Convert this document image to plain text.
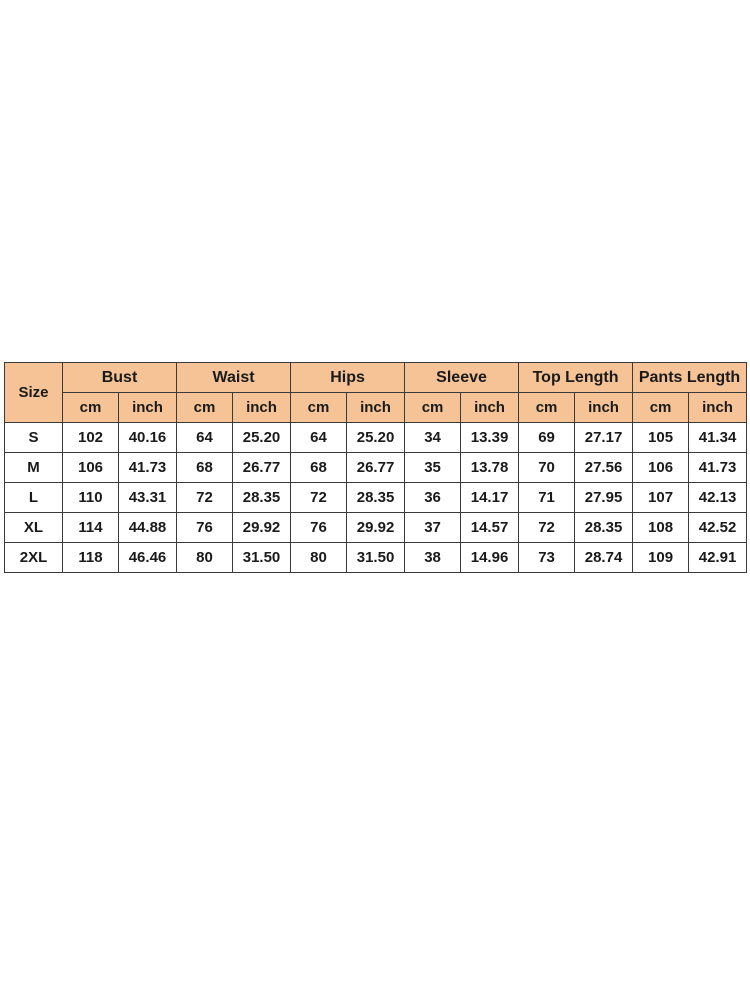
Size	Bust		Waist		Hips		Sleeve		Top Length		Pants Length	
	cm	inch	cm	inch	cm	inch	cm	inch	cm	inch	cm	inch
S	102	40.16	64	25.20	64	25.20	34	13.39	69	27.17	105	41.34
M	106	41.73	68	26.77	68	26.77	35	13.78	70	27.56	106	41.73
L	110	43.31	72	28.35	72	28.35	36	14.17	71	27.95	107	42.13
XL	114	44.88	76	29.92	76	29.92	37	14.57	72	28.35	108	42.52
2XL	118	46.46	80	31.50	80	31.50	38	14.96	73	28.74	109	42.91
